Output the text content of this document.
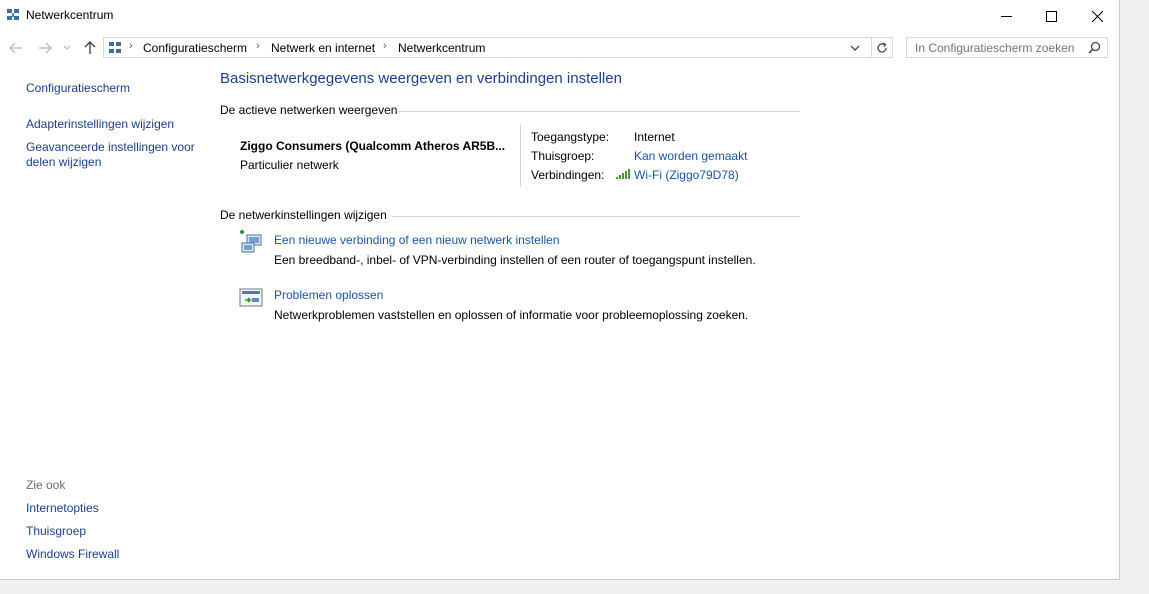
Netwerkcentrum
› Configuratiescherm › Netwerk en internet › Netwerkcentrum
In Configuratiescherm zoeken
Configuratiescherm
Adapterinstellingen wijzigen
Geavanceerde instellingen voor
delen wijzigen
Zie ook
Internetopties
Thuisgroep
Windows Firewall
Basisnetwerkgegevens weergeven en verbindingen instellen
De actieve netwerken weergeven
Ziggo Consumers (Qualcomm Atheros AR5B...
Particulier netwerk
Toegangstype: Internet
Thuisgroep:	Kan worden gemaakt
Verbindingen: Wi-Fi (Ziggo79D78)
De netwerkinstellingen wijzigen
Een nieuwe verbinding of een nieuw netwerk instellen
Een breedband-, inbel- of VPN-verbinding instellen of een router of toegangspunt instellen.
Problemen oplossen
Netwerkproblemen vaststellen en oplossen of informatie voor probleemoplossing zoeken.
